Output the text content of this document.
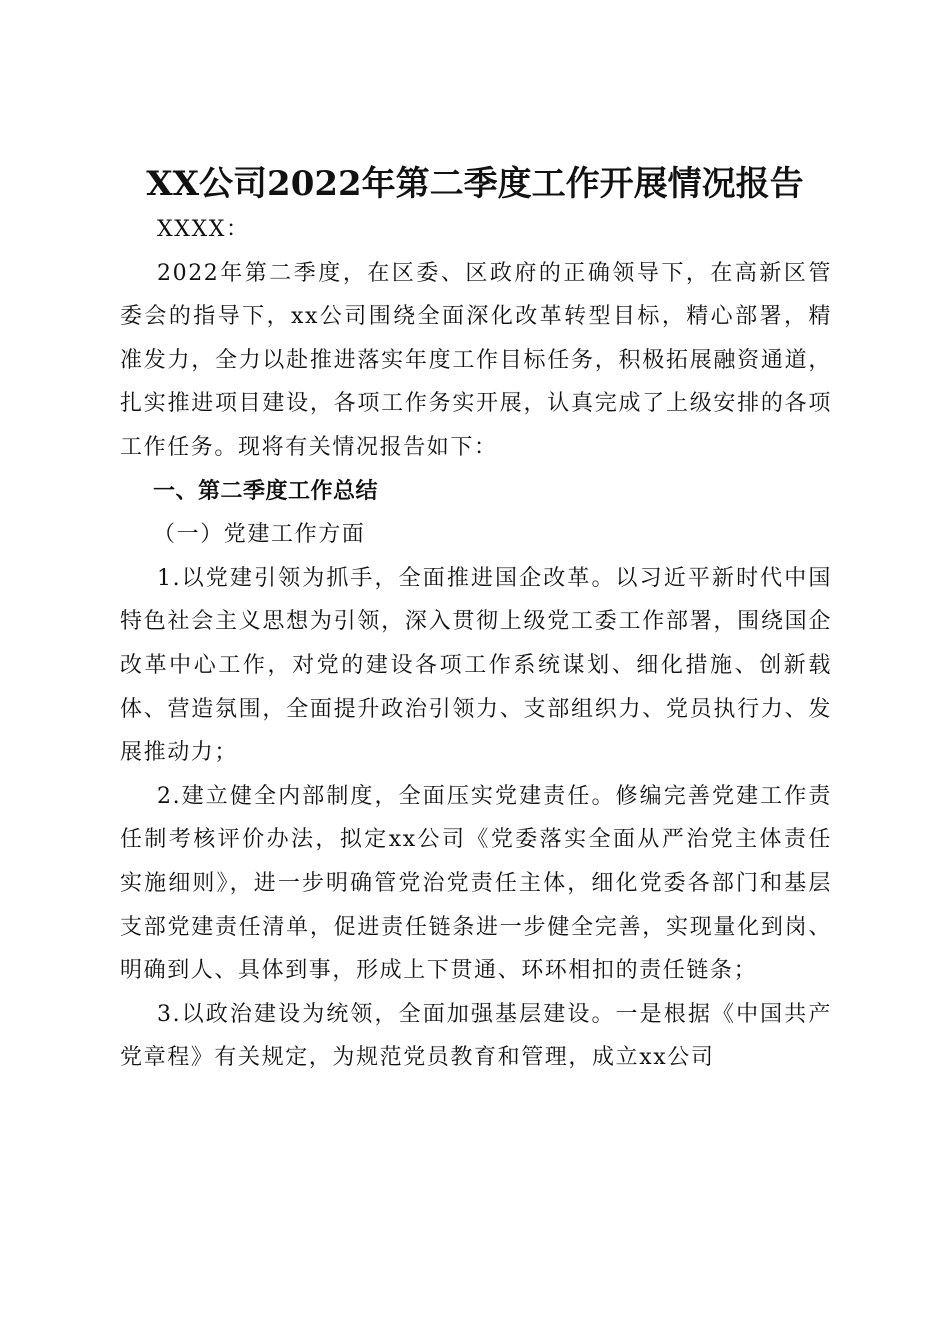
XX公司2022年第二季度工作开展情况报告

XXXX：

2022年第二季度，在区委、区政府的正确领导下，在高新区管委会的指导下，xx公司围绕全面深化改革转型目标，精心部署，精准发力，全力以赴推进落实年度工作目标任务，积极拓展融资通道，扎实推进项目建设，各项工作务实开展，认真完成了上级安排的各项工作任务。现将有关情况报告如下：

一、第二季度工作总结

（一）党建工作方面

1.以党建引领为抓手，全面推进国企改革。以习近平新时代中国特色社会主义思想为引领，深入贯彻上级党工委工作部署，围绕国企改革中心工作，对党的建设各项工作系统谋划、细化措施、创新载体、营造氛围，全面提升政治引领力、支部组织力、党员执行力、发展推动力；

2.建立健全内部制度，全面压实党建责任。修编完善党建工作责任制考核评价办法，拟定xx公司《党委落实全面从严治党主体责任实施细则》，进一步明确管党治党责任主体，细化党委各部门和基层支部党建责任清单，促进责任链条进一步健全完善，实现量化到岗、明确到人、具体到事，形成上下贯通、环环相扣的责任链条；

3.以政治建设为统领，全面加强基层建设。一是根据《中国共产党章程》有关规定，为规范党员教育和管理，成立xx公司
